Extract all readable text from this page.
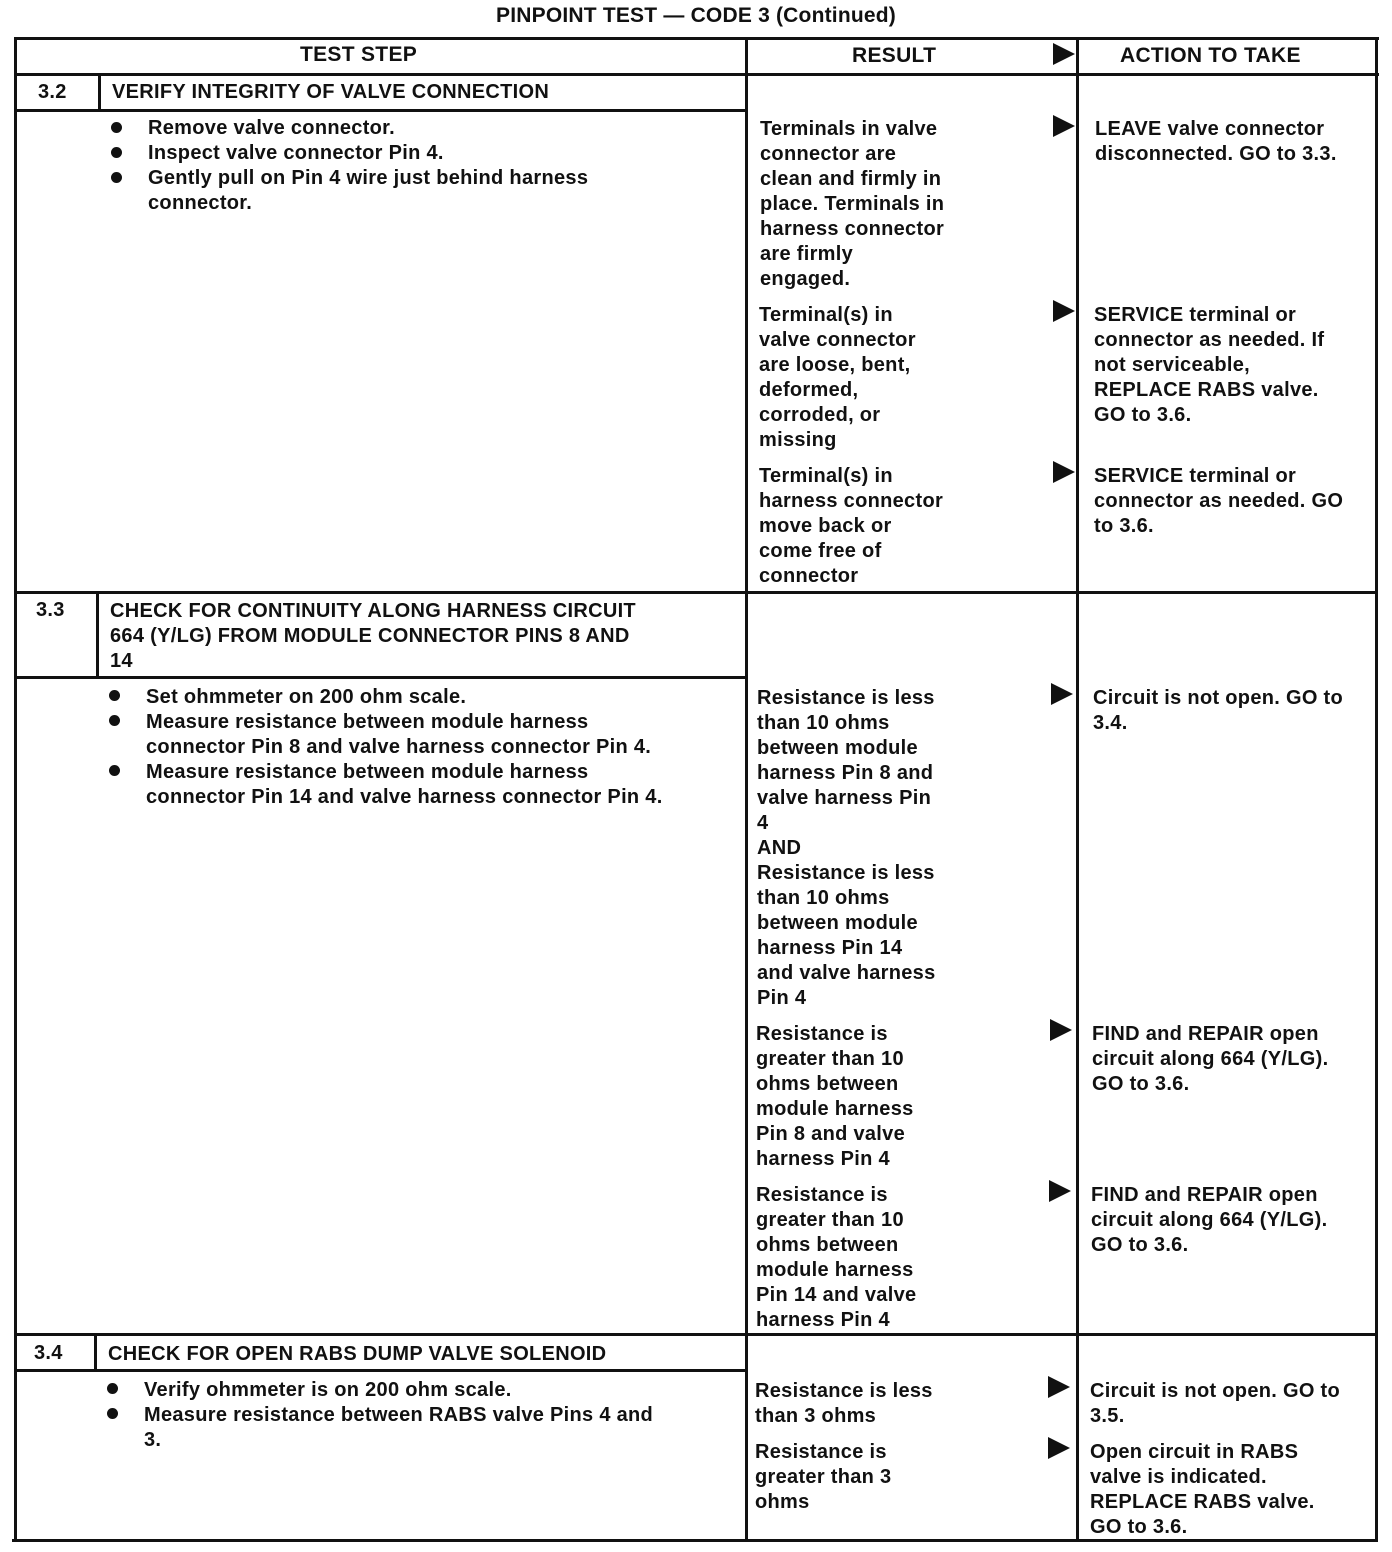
PINPOINT TEST — CODE 3 (Continued)
TEST STEP	RESULT	ACTION TO TAKE
3.2 VERIFY INTEGRITY OF VALVE CONNECTION
Remove valve connector.
Inspect valve connector Pin 4.
Gently pull on Pin 4 wire just behind harness
connector.
Terminals in valve
connector are
clean and firmly in
place. Terminals in
harness connector
are firmly
engaged.
LEAVE valve connector
disconnected. GO to 3.3.
Terminal(s) in
valve connector
are loose, bent,
deformed,
corroded, or
missing
SERVICE terminal or
connector as needed. If
not serviceable,
REPLACE RABS valve.
GO to 3.6.
Terminal(s) in
harness connector
move back or
come free of
connector
SERVICE terminal or
connector as needed. GO
to 3.6.
3.3 CHECK FOR CONTINUITY ALONG HARNESS CIRCUIT
664 (Y/LG) FROM MODULE CONNECTOR PINS 8 AND
14
Set ohmmeter on 200 ohm scale.
Measure resistance between module harness
connector Pin 8 and valve harness connector Pin 4.
Measure resistance between module harness
connector Pin 14 and valve harness connector Pin 4.
Resistance is less
than 10 ohms
between module
harness Pin 8 and
valve harness Pin
4
AND
Resistance is less
than 10 ohms
between module
harness Pin 14
and valve harness
Pin 4
Circuit is not open. GO to
3.4.
Resistance is
greater than 10
ohms between
module harness
Pin 8 and valve
harness Pin 4
FIND and REPAIR open
circuit along 664 (Y/LG).
GO to 3.6.
Resistance is
greater than 10
ohms between
module harness
Pin 14 and valve
harness Pin 4
FIND and REPAIR open
circuit along 664 (Y/LG).
GO to 3.6.
3.4 CHECK FOR OPEN RABS DUMP VALVE SOLENOID
Verify ohmmeter is on 200 ohm scale.
Measure resistance between RABS valve Pins 4 and
3.
Resistance is less
than 3 ohms
Circuit is not open. GO to
3.5.
Resistance is
greater than 3
ohms
Open circuit in RABS
valve is indicated.
REPLACE RABS valve.
GO to 3.6.
